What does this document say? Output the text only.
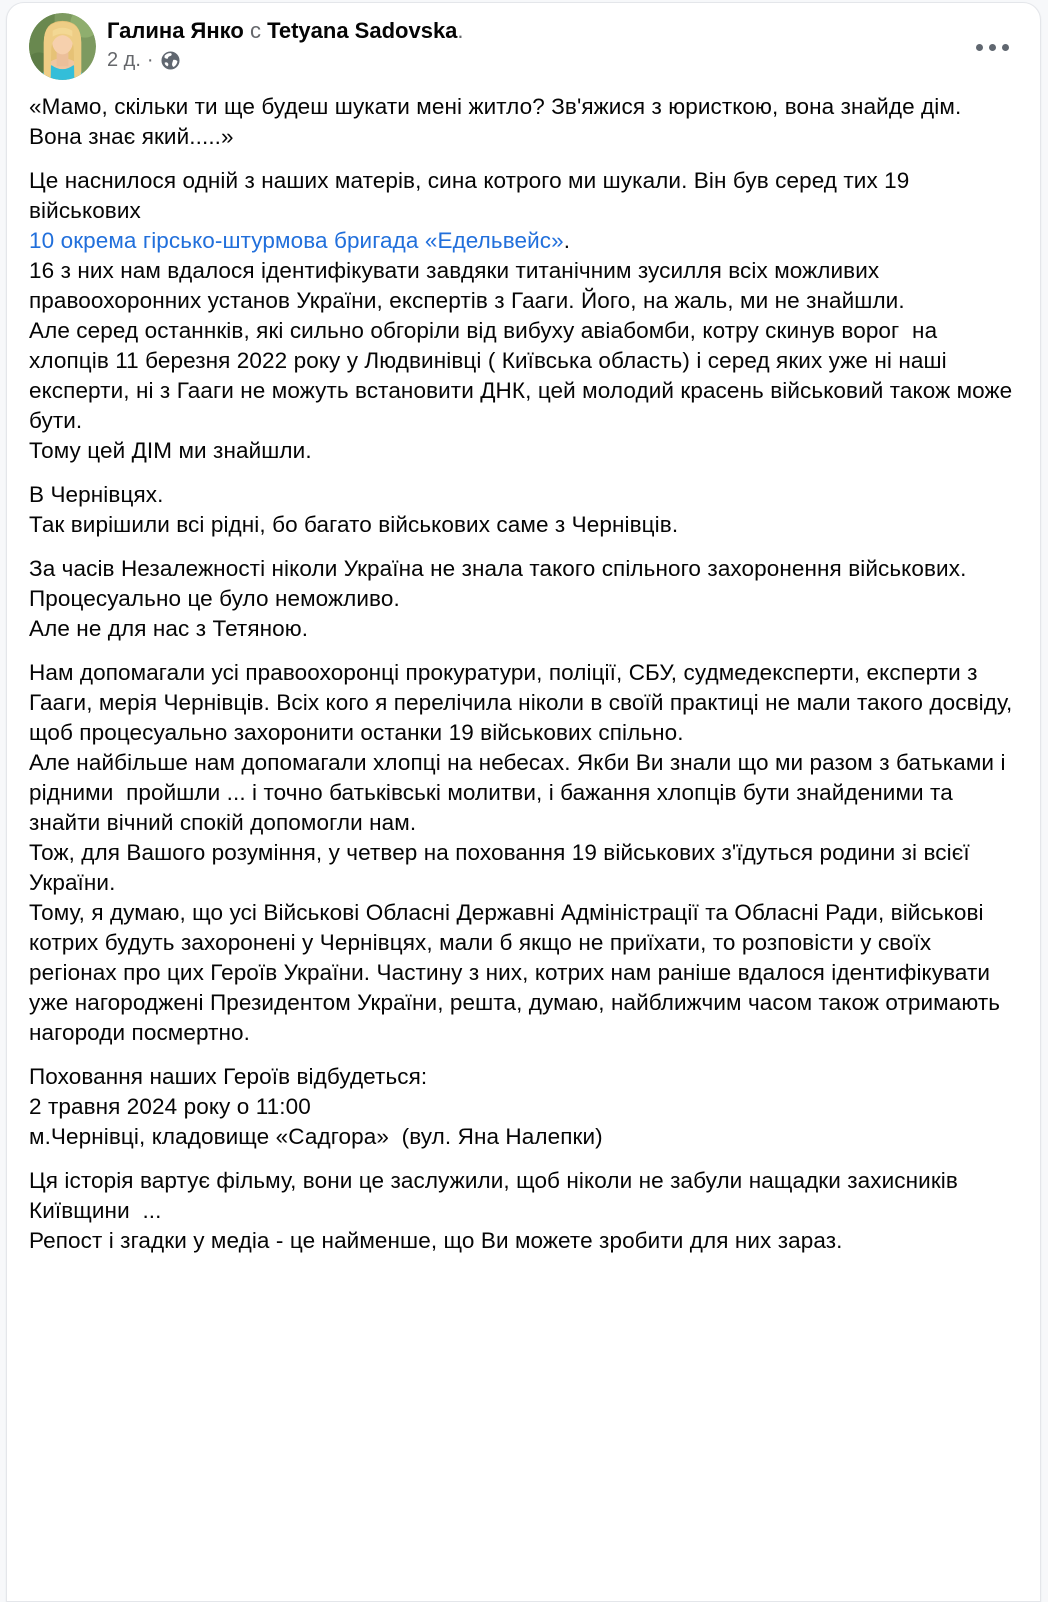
Галина Янко с Tetyana Sadovska.
2 д. ·
«Мамо, скільки ти ще будеш шукати мені житло? Зв'яжися з юристкою, вона знайде дім. Вона знає який.....»
Це наснилося одній з наших матерів, сина котрого ми шукали. Він був серед тих 19 військових
10 окрема гірсько-штурмова бригада «Едельвейс».
16 з них нам вдалося ідентифікувати завдяки титанічним зусилля всіх можливих правоохоронних установ України, експертів з Гааги. Його, на жаль, ми не знайшли.
Але серед останнків, які сильно обгоріли від вибуху авіабомби, котру скинув ворог  на хлопців 11 березня 2022 року у Людвинівці ( Київська область) і серед яких уже ні наші експерти, ні з Гааги не можуть встановити ДНК, цей молодий красень військовий також може бути.
Тому цей ДІМ ми знайшли.
В Чернівцях.
Так вирішили всі рідні, бо багато військових саме з Чернівців.
За часів Незалежності ніколи Україна не знала такого спільного захоронення військових.
Процесуально це було неможливо.
Але не для нас з Тетяною.
Нам допомагали усі правоохоронці прокуратури, поліції, СБУ, судмедексперти, експерти з Гааги, мерія Чернівців. Всіх кого я перелічила ніколи в своїй практиці не мали такого досвіду, щоб процесуально захоронити останки 19 військових спільно.
Але найбільше нам допомагали хлопці на небесах. Якби Ви знали що ми разом з батьками і рідними  пройшли ... і точно батьківські молитви, і бажання хлопців бути знайденими та знайти вічний спокій допомогли нам.
Тож, для Вашого розуміння, у четвер на поховання 19 військових з'їдуться родини зі всієї України.
Тому, я думаю, що усі Військові Обласні Державні Адміністрації та Обласні Ради, військові котрих будуть захоронені у Чернівцях, мали б якщо не приїхати, то розповісти у своїх регіонах про цих Героїв України. Частину з них, котрих нам раніше вдалося ідентифікувати уже нагороджені Президентом України, решта, думаю, найближчим часом також отримають нагороди посмертно.
Поховання наших Героїв відбудеться:
2 травня 2024 року о 11:00
м.Чернівці, кладовище «Садгора»  (вул. Яна Налепки)
Ця історія вартує фільму, вони це заслужили, щоб ніколи не забули нащадки захисників Київщини  ...
Репост і згадки у медіа - це найменше, що Ви можете зробити для них зараз.
